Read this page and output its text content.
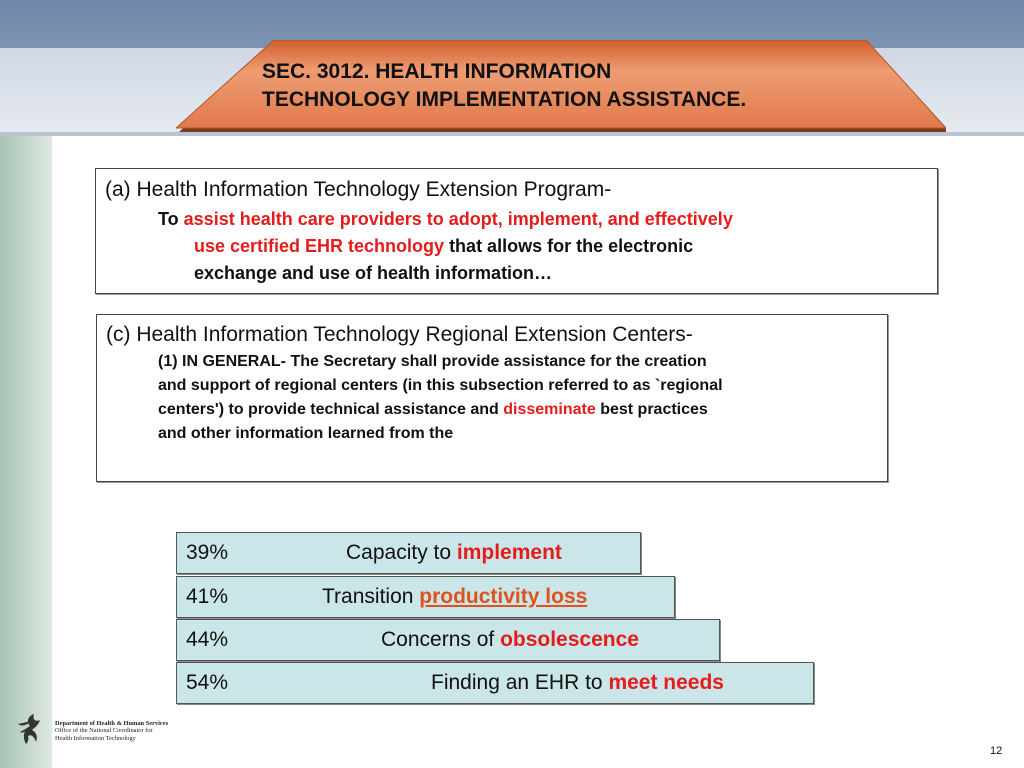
SEC. 3012. HEALTH INFORMATION
TECHNOLOGY IMPLEMENTATION ASSISTANCE.
(a) Health Information Technology Extension Program-
To assist health care providers to adopt, implement, and effectively
use certified EHR technology that allows for the electronic
exchange and use of health information…
(c) Health Information Technology Regional Extension Centers-
(1) IN GENERAL- The Secretary shall provide assistance for the creation
and support of regional centers (in this subsection referred to as `regional
centers') to provide technical assistance and disseminate best practices
and other information learned from the
39%	Capacity to implement
41%	Transition productivity loss
44%	Concerns of obsolescence
54%	Finding an EHR to meet needs
Department of Health & Human Services
Office of the National Coordinator for
Health Information Technology
12
